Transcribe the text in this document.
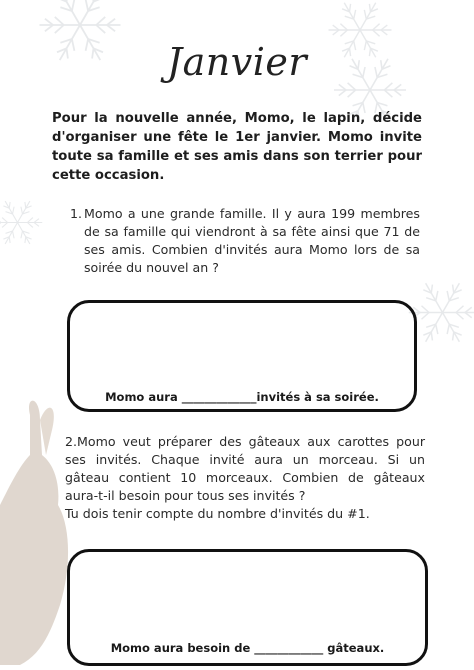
Janvier
Pour la nouvelle année, Momo, le lapin, décide d'organiser une fête le 1er janvier. Momo invite toute sa famille et ses amis dans son terrier pour cette occasion.
1. Momo a une grande famille. Il y aura 199 membres de sa famille qui viendront à sa fête ainsi que 71 de ses amis. Combien d'invités aura Momo lors de sa soirée du nouvel an ?
Momo aura _____________invités à sa soirée.
2.Momo veut préparer des gâteaux aux carottes pour ses invités. Chaque invité aura un morceau. Si un gâteau contient 10 morceaux. Combien de gâteaux aura-t-il besoin pour tous ses invités ?
Tu dois tenir compte du nombre d'invités du #1.
Momo aura besoin de ____________ gâteaux.
